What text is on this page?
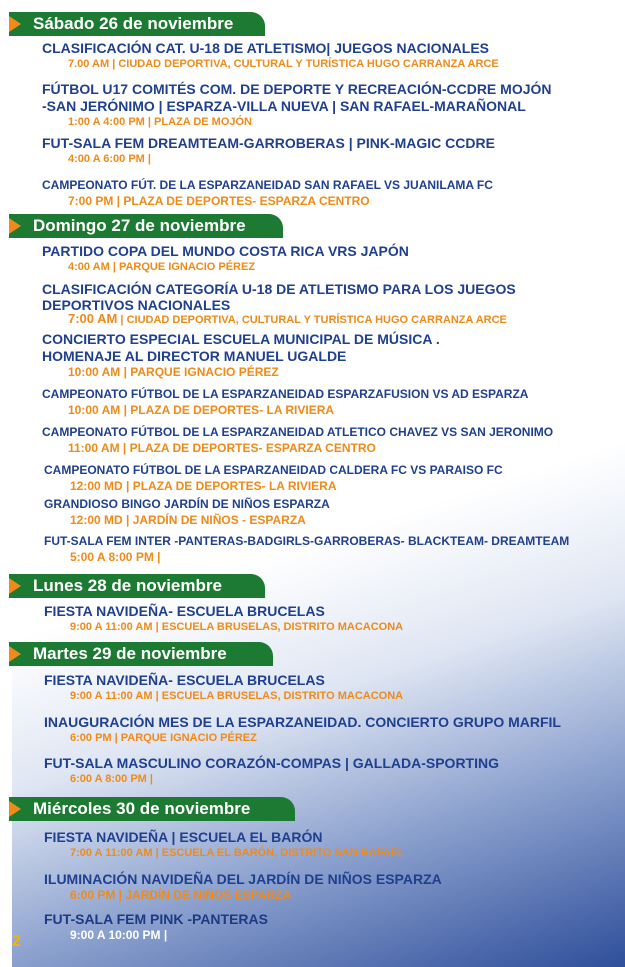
Sábado 26 de noviembre
Domingo 27 de noviembre
Lunes 28 de noviembre
Martes 29 de noviembre
Miércoles 30 de noviembre
CLASIFICACIÓN CAT. U-18 DE ATLETISMO| JUEGOS NACIONALES
7.00 AM | CIUDAD DEPORTIVA, CULTURAL Y TURÍSTICA HUGO CARRANZA ARCE
FÚTBOL U17 COMITÉS COM. DE DEPORTE Y RECREACIÓN-CCDRE MOJÓN
-SAN JERÓNIMO | ESPARZA-VILLA NUEVA | SAN RAFAEL-MARAÑONAL
1:00 A 4:00 PM | PLAZA DE MOJÓN
FUT-SALA FEM DREAMTEAM-GARROBERAS | PINK-MAGIC CCDRE
4:00 A 6:00 PM |
CAMPEONATO FÚT. DE LA ESPARZANEIDAD SAN RAFAEL VS JUANILAMA FC
7:00 PM | PLAZA DE DEPORTES- ESPARZA CENTRO
PARTIDO COPA DEL MUNDO COSTA RICA VRS JAPÓN
4:00 AM | PARQUE IGNACIO PÉREZ
CLASIFICACIÓN CATEGORÍA U-18 DE ATLETISMO PARA LOS JUEGOS
DEPORTIVOS NACIONALES
7:00 AM | CIUDAD DEPORTIVA, CULTURAL Y TURÍSTICA HUGO CARRANZA ARCE
CONCIERTO ESPECIAL ESCUELA MUNICIPAL DE MÚSICA .
HOMENAJE AL DIRECTOR MANUEL UGALDE
10:00 AM | PARQUE IGNACIO PÉREZ
CAMPEONATO FÚTBOL DE LA ESPARZANEIDAD ESPARZAFUSION VS AD ESPARZA
10:00 AM | PLAZA DE DEPORTES- LA RIVIERA
CAMPEONATO FÚTBOL DE LA ESPARZANEIDAD ATLETICO CHAVEZ VS SAN JERONIMO
11:00 AM | PLAZA DE DEPORTES- ESPARZA CENTRO
CAMPEONATO FÚTBOL DE LA ESPARZANEIDAD CALDERA FC VS PARAISO FC
12:00 MD | PLAZA DE DEPORTES- LA RIVIERA
GRANDIOSO BINGO JARDÍN DE NIÑOS ESPARZA
12:00 MD | JARDÍN DE NIÑOS - ESPARZA
FUT-SALA FEM INTER -PANTERAS-BADGIRLS-GARROBERAS- BLACKTEAM- DREAMTEAM
5:00 A 8:00 PM |
FIESTA NAVIDEÑA- ESCUELA BRUCELAS
9:00 A 11:00 AM | ESCUELA BRUSELAS, DISTRITO MACACONA
FIESTA NAVIDEÑA- ESCUELA BRUCELAS
9:00 A 11:00 AM | ESCUELA BRUSELAS, DISTRITO MACACONA
INAUGURACIÓN MES DE LA ESPARZANEIDAD. CONCIERTO GRUPO MARFIL
6:00 PM | PARQUE IGNACIO PÉREZ
FUT-SALA MASCULINO CORAZÓN-COMPAS | GALLADA-SPORTING
6:00 A 8:00 PM |
FIESTA NAVIDEÑA | ESCUELA EL BARÓN
7:00 A 11:00 AM | ESCUELA EL BARÓN, DISTRITO SAN RAFAEL
ILUMINACIÓN NAVIDEÑA DEL JARDÍN DE NIÑOS ESPARZA
6:00 PM | JARDÍN DE NIÑOS ESPARZA
FUT-SALA FEM PINK -PANTERAS
9:00 A 10:00 PM |
2
